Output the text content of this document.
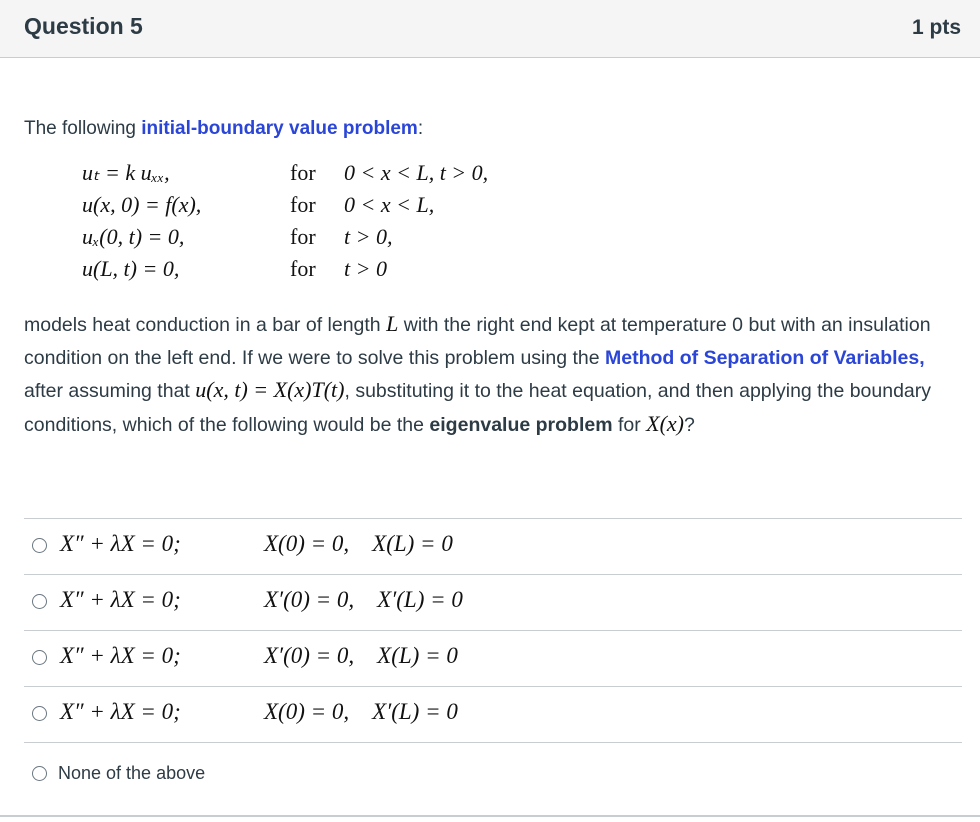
Question 5	1 pts
The following initial-boundary value problem:
uₜ = k uₓₓ,	for 0 < x < L, t > 0,
u(x, 0) = f(x),	for 0 < x < L,
uₓ(0, t) = 0,	for t > 0,
u(L, t) = 0,	for t > 0
models heat conduction in a bar of length L with the right end kept at temperature 0 but with an insulation condition on the left end. If we were to solve this problem using the Method of Separation of Variables, after assuming that u(x, t) = X(x)T(t), substituting it to the heat equation, and then applying the boundary conditions, which of the following would be the eigenvalue problem for X(x)?
X″ + λX = 0;	X(0) = 0,    X(L) = 0
X″ + λX = 0;	X′(0) = 0,    X′(L) = 0
X″ + λX = 0;	X′(0) = 0,    X(L) = 0
X″ + λX = 0;	X(0) = 0,    X′(L) = 0
None of the above
